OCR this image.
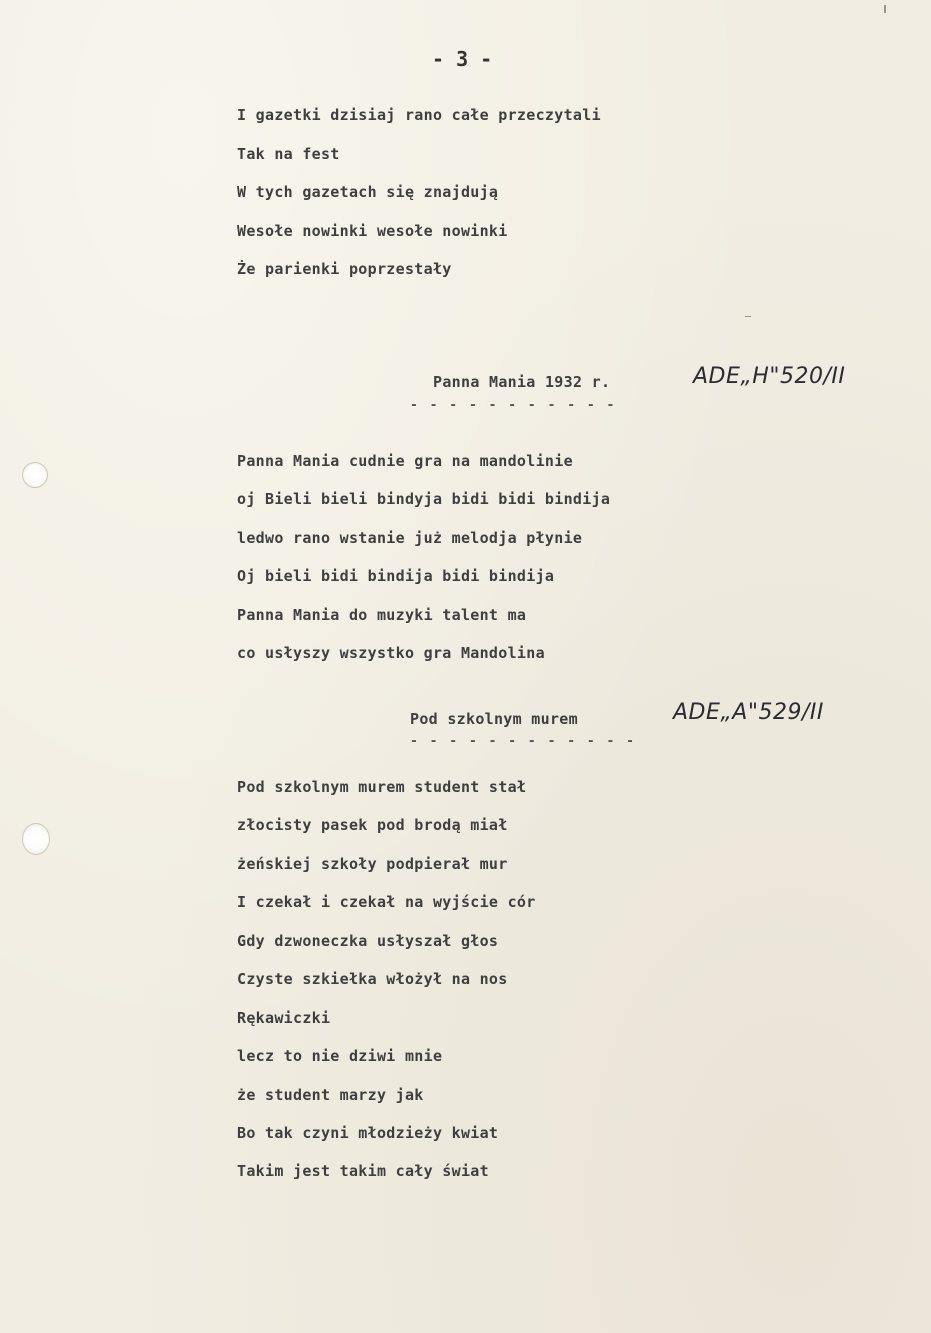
- 3 -
I gazetki dzisiaj rano całe przeczytali
Tak na fest
W tych gazetach się znajdują
Wesołe nowinki wesołe nowinki
Że parienki poprzestały
Panna Mania 1932 r.
- - - - - - - - - - -
ADE„H"520/II
Panna Mania cudnie gra na mandolinie
oj Bieli bieli bindyja bidi bidi bindija
ledwo rano wstanie już melodja płynie
Oj bieli bidi bindija bidi bindija
Panna Mania do muzyki talent ma
co usłyszy wszystko gra Mandolina
Pod szkolnym murem
- - - - - - - - - - - -
ADE„A"529/II
Pod szkolnym murem student stał
złocisty pasek pod brodą miał
żeńskiej szkoły podpierał mur
I czekał i czekał na wyjście cór
Gdy dzwoneczka usłyszał głos
Czyste szkiełka włożył na nos
Rękawiczki
lecz to nie dziwi mnie
że student marzy jak
Bo tak czyni młodzieży kwiat
Takim jest takim cały świat
